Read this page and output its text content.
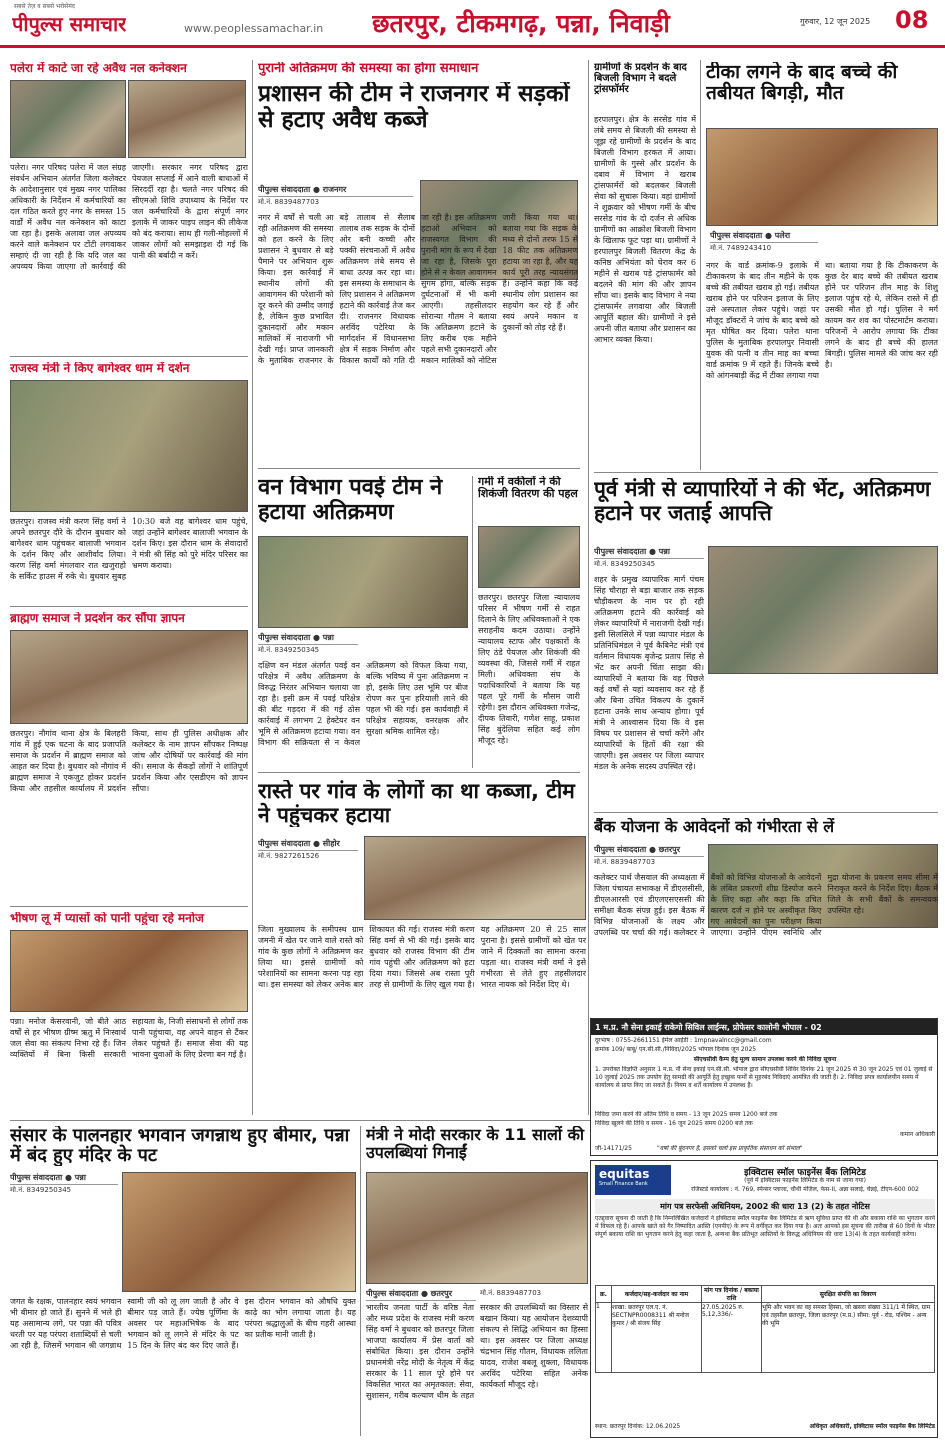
सबसे तेज़ व सबसे भरोसेमंद
पीपुल्स समाचार	www.peoplessamachar.in छतरपुर, टीकमगढ़, पन्ना, निवाड़ी	गुरुवार, 12 जून 2025 08
पलेरा में काटे जा रहे अवैध नल कनेक्शन
पलेरा। नगर परिषद पलेरा में जल संग्रह संवर्धन अभियान अंतर्गत जिला कलेक्टर के आदेशानुसार एवं मुख्य नगर पालिका अधिकारी के निर्देशन में कर्मचारियों का दल गठित करते हुए नगर के समस्त 15 वार्डों में अवैध नल कनेक्शन को काटा जा रहा है। इसके अलावा जल अपव्यय करने वाले कनेक्शन पर टोंटी लगवाकर सम्हाएं दी जा रही है कि यदि जल का अपव्यय किया जाएगा तो कार्रवाई की जाएगी। सरकार नगर परिषद द्वारा पेयजल सप्लाई में आने वाली बाधाओं में सिरदर्दी रहा है। चलते नगर परिषद की सीएमओ शिवि उपाध्याय के निर्देश पर जल कर्मचारियों के द्वारा संपूर्ण नगर इलाके में जाकर पाइप लाइन की लीकेज को बंद कराया। साथ ही गली-मोहल्लों में जाकर लोगों को समझाइश दी गई कि पानी की बर्बादी न करें।
राजस्व मंत्री ने किए बागेश्वर धाम में दर्शन
छतरपुर। राजस्व मंत्री करण सिंह वर्मा ने अपने छतरपुर दौरे के दौरान बुधवार को बागेश्वर धाम पहुंचकर बालाजी भगवान के दर्शन किए और आशीर्वाद लिया। करण सिंह वर्मा मंगलवार रात खजुराहो के सर्किट हाउस में रुके थे। बुधवार सुबह 10:30 बजे वह बागेश्वर धाम पहुंचे, जहां उन्होंने बागेश्वर बालाजी भगवान के दर्शन किए। इस दौरान धाम के सेवादारों ने मंत्री श्री सिंह को पुरे मंदिर परिसर का भ्रमण कराया।
ब्राह्मण समाज ने प्रदर्शन कर सौंपा ज्ञापन
छतरपुर। नौगांव थाना क्षेत्र के बिलहरी गांव में हुई एक घटना के बाद प्रजापति समाज के प्रदर्शन में ब्राह्मण समाज को आहत कर दिया है। बुधवार को नौगांव में ब्राह्मण समाज ने एकजुट होकर प्रदर्शन किया और तहसील कार्यालय में प्रदर्शन किया, साथ ही पुलिस अधीक्षक और कलेक्टर के नाम ज्ञापन सौंपकर निष्पक्ष जांच और दोषियों पर कार्रवाई की मांग की। समाज के सैकड़ों लोगों ने शांतिपूर्ण प्रदर्शन किया और एसडीएम को ज्ञापन सौंपा।
भीषण लू में प्यासों को पानी पहुंचा रहे मनोज
पन्ना। मनोज केसरवानी, जो बीते आठ वर्षों से हर भीषण ग्रीष्म ऋतु में निःस्वार्थ जल सेवा का संकल्प निभा रहे हैं। जिन व्यक्तियों में बिना किसी सरकारी सहायता के, निजी संसाधनों से लोगों तक पानी पहुंचाया, वह अपने वाहन से टैंकर लेकर पहुंचते हैं। समाज सेवा की यह भावना युवाओं के लिए प्रेरणा बन गई है।
पुरानी अतिक्रमण की समस्या का होगा समाधान
प्रशासन की टीम ने राजनगर में सड़कों से हटाए अवैध कब्जे
पीपुल्स संवाददाता ● राजनगर
मो.नं. 8839487703
नगर में वर्षों से चली आ रही अतिक्रमण की समस्या को हल करने के लिए प्रशासन ने बुधवार से बड़े पैमाने पर अभियान शुरू किया। इस कार्रवाई में स्थानीय लोगों की आवागमन की परेशानी को दूर करने की उम्मीद जगाई है, लेकिन कुछ प्रभावित दुकानदारों और मकान मालिकों में नाराजगी भी देखी गई। प्राप्त जानकारी के मुताबिक राजनगर के बड़े तालाब से सैलाब तालाब तक सड़क के दोनों ओर बनी कच्ची और पक्की संरचनाओं में अवैध अतिक्रमण लंबे समय से बाधा उत्पन्न कर रहा था। इस समस्या के समाधान के लिए प्रशासन ने अतिक्रमण हटाने की कार्रवाई तेज कर दी। राजनगर विधायक अरविंद पटेरिया के मार्गदर्शन में विधानसभा क्षेत्र में सड़क निर्माण और विकास कार्यों को गति दी जा रही है। इस अतिक्रमण हटाओ अभियान को राजस्वगत विभाग की पुरानी मांग के रूप में देखा जा रहा है, जिसके पूरा होने से न केवल आवागमन सुगम होगा, बल्कि सड़क दुर्घटनाओं में भी कमी आएगी। तहसीलदार सोरान्या गौतम ने बताया कि अतिक्रमण हटाने के लिए करीब एक महीने पहले सभी दुकानदारों और मकान मालिकों को नोटिस जारी किया गया था। बताया गया कि सड़क के मध्य से दोनों तरफ 15 से 18 फीट तक अतिक्रमण हटाया जा रहा है, और यह कार्य पूरी तरह न्यायसंगत है। उन्होंने कहा कि कई स्थानीय लोग प्रशासन का सहयोग कर रहे हैं और स्वयं अपने मकान व दुकानों को तोड़ रहे हैं।
वन विभाग पवई टीम ने हटाया अतिक्रमण
पीपुल्स संवाददाता ● पन्ना
मो.नं. 8349250345
दक्षिण वन मंडल अंतर्गत पवई वन परिक्षेत्र में अवैध अतिक्रमण के विरुद्ध निरंतर अभियान चलाया जा रहा है। इसी क्रम में पवई परिक्षेत्र की बीट गड़दरा में की गई ठोस कार्रवाई में लगभग 2 हेक्टेयर वन भूमि से अतिक्रमण हटाया गया। वन विभाग की सक्रियता से न केवल अतिक्रमण को विफल किया गया, बल्कि भविष्य में पुनः अतिक्रमण न हो, इसके लिए उस भूमि पर बीज रोपण कर पुनः हरियाली लाने की पहल भी की गई। इस कार्यवाही में परिक्षेत्र सहायक, वनरक्षक और सुरक्षा श्रमिक शामिल रहे।
गर्मी में वकीलों ने की शिकंजी वितरण की पहल
छतरपुर। छतरपुर जिला न्यायालय परिसर में भीषण गर्मी से राहत दिलाने के लिए अधिवक्ताओं ने एक सराहनीय कदम उठाया। उन्होंने न्यायालय स्टाफ और पक्षकारों के लिए ठंडे पेयजल और शिकंजी की व्यवस्था की, जिससे गर्मी में राहत मिली। अधिवक्ता संघ के पदाधिकारियों ने बताया कि यह पहल पूरे गर्मी के मौसम जारी रहेगी। इस दौरान अधिवक्ता गजेन्द्र, दीपक तिवारी, गणेश साहू, प्रकाश सिंह बुंदेलिया सहित कई लोग मौजूद रहे।
रास्ते पर गांव के लोगों का था कब्जा, टीम ने पहुंचकर हटाया
पीपुल्स संवाददाता ● सीहोर
मो.नं. 9827261526
जिला मुख्यालय के समीपस्थ ग्राम जमनी में खेत पर जाने वाले रास्ते को गांव के कुछ लोगों ने अतिक्रमण कर लिया था। इससे ग्रामीणों को परेशानियों का सामना करना पड़ रहा था। इस समस्या को लेकर अनेक बार शिकायत की गई। राजस्व मंत्री करण सिंह वर्मा से भी की गई। इसके बाद बुधवार को राजस्व विभाग की टीम गांव पहुंची और अतिक्रमण को हटा दिया गया। जिससे अब रास्ता पूरी तरह से ग्रामीणों के लिए खुल गया है। यह अतिक्रमण 20 से 25 साल पुराना है। इससे ग्रामीणों को खेत पर जाने में दिक्कतों का सामना करना पड़ता था। राजस्व मंत्री वर्मा ने इसे गंभीरता से लेते हुए तहसीलदार भारत नायक को निर्देश दिए थे।
ग्रामीणों के प्रदर्शन के बाद बिजली विभाग ने बदले ट्रांसफॉर्मर
हरपालपुर। क्षेत्र के सरसेड गांव में लंबे समय से बिजली की समस्या से जूझ रहे ग्रामीणों के प्रदर्शन के बाद बिजली विभाग हरकत में आया। ग्रामीणों के गुस्से और प्रदर्शन के दबाव में विभाग ने खराब ट्रांसफार्मरों को बदलकर बिजली सेवा को सुचारू किया। वहां ग्रामीणों ने शुक्रवार को भीषण गर्मी के बीच सरसेड गांव के दो दर्जन से अधिक ग्रामीणों का आक्रोश बिजली विभाग के खिलाफ फूट पड़ा था। ग्रामीणों ने हरपालपुर बिजली वितरण केंद्र के कनिष्ठ अभियंता को घेराव कर 6 महीने से खराब पड़े ट्रांसफार्मर को बदलने की मांग की और ज्ञापन सौंपा था। इसके बाद विभाग ने नया ट्रांसफार्मर लगवाया और बिजली आपूर्ति बहाल की। ग्रामीणों ने इसे अपनी जीत बताया और प्रशासन का आभार व्यक्त किया।
टीका लगने के बाद बच्चे की तबीयत बिगड़ी, मौत
पीपुल्स संवाददाता ● पलेरा
मो.नं. 7489243410
नगर के वार्ड क्रमांक-9 इलाके में टीकाकरण के बाद तीन महीने के एक बच्चे की तबीयत खराब हो गई। तबीयत खराब होने पर परिजन इलाज के लिए उसे अस्पताल लेकर पहुंचे। जहां पर मौजूद डॉक्टरों ने जांच के बाद बच्चे को मृत घोषित कर दिया। पलेरा थाना पुलिस के मुताबिक हरपालपुर निवासी युवक की पत्नी व तीन माह का बच्चा वार्ड क्रमांक 9 में रहते हैं। जिनके बच्चे को आंगनबाड़ी केंद्र में टीका लगाया गया था। बताया गया है कि टीकाकरण के कुछ देर बाद बच्चे की तबीयत खराब होने पर परिजन तीन माह के शिशु इलाज पहुंच रहे थे, लेकिन रास्ते में ही उसकी मौत हो गई। पुलिस ने मर्ग कायम कर शव का पोस्टमार्टम कराया। परिजनों ने आरोप लगाया कि टीका लगने के बाद ही बच्चे की हालत बिगड़ी। पुलिस मामले की जांच कर रही है।
पूर्व मंत्री से व्यापारियों ने की भेंट, अतिक्रमण हटाने पर जताई आपत्ति
पीपुल्स संवाददाता ● पन्ना
मो.नं. 8349250345
शहर के प्रमुख व्यापारिक मार्ग पंचम सिंह चौराहा से बड़ा बाजार तक सड़क चौड़ीकरण के नाम पर हो रही अतिक्रमण हटाने की कार्रवाई को लेकर व्यापारियों में नाराजगी देखी गई। इसी सिलसिले में पन्ना व्यापार मंडल के प्रतिनिधिमंडल ने पूर्व कैबिनेट मंत्री एवं वर्तमान विधायक बृजेन्द्र प्रताप सिंह से भेंट कर अपनी चिंता साझा की। व्यापारियों ने बताया कि वह पिछले कई वर्षों से यहां व्यवसाय कर रहे हैं और बिना उचित विकल्प के दुकानें हटाना उनके साथ अन्याय होगा। पूर्व मंत्री ने आश्वासन दिया कि वे इस विषय पर प्रशासन से चर्चा करेंगे और व्यापारियों के हितों की रक्षा की जाएगी। इस अवसर पर जिला व्यापार मंडल के अनेक सदस्य उपस्थित रहे।
बैंक योजना के आवेदनों को गंभीरता से लें
पीपुल्स संवाददाता ● छतरपुर
मो.नं. 8839487703
कलेक्टर पार्थ जैसवाल की अध्यक्षता में जिला पंचायत सभाकक्ष में डीएलसीसी, डीएलआरसी एवं डीएलएसएससी की समीक्षा बैठक संपन्न हुई। इस बैठक में विभिन्न योजनाओं के लक्ष्य और उपलब्धि पर चर्चा की गई। कलेक्टर ने बैंकों को विभिन्न योजनाओं के आवेदनों के लंबित प्रकरणों शीघ्र डिस्पोज करने के लिए कहा और कहा कि उचित कारण दर्ज न होने पर अस्वीकृत किए गए आवेदनों का पुनः परीक्षण किया जाएगा। उन्होंने पीएम स्वनिधि और मुद्रा योजना के प्रकरण समय सीमा में निराकृत करने के निर्देश दिए। बैठक में जिले के सभी बैंकों के समन्वयक उपस्थित रहे।
1 म.प्र. नौ सेना इकाई राकेगो सिविल लाईन्स, प्रोफेसर कालोनी भोपाल - 02
दूरभाष : 0755-2661151 ईमेल आईडी : 1mpnavalncc@gmail.com
क्रमांक 109/ बाबू/ एन.सी.सी./निविदा/2025 भोपाल दिनांक जून 2025
सीएचसीवी कैम्प हेतु मूल्य सामान उपलब्ध करने की निविदा सूचना
1. उपरोक्त विज्ञप्ति अनुसार 1 म.प्र. नौ सेना इकाई एन.सी.सी. भोपाल द्वारा सीएचसीवी शिविर दिनांक 21 जून 2025 से 30 जून 2025 एवं 01 जुलाई से 10 जुलाई 2025 तक उपयोग हेतु सामग्री की आपूर्ति हेतु इच्छुक फर्मों से मुहरबंद निविदाएं आमंत्रित की जाती हैं। 2. निविदा प्रपत्र कार्यालयीन समय में कार्यालय से प्राप्त किए जा सकते हैं। नियम व शर्तें कार्यालय में उपलब्ध हैं।
निविदा जमा करने की अंतिम तिथि व समय - 13 जून 2025 समय 1200 बजे तक
निविदा खुलने की तिथि व समय - 16 जून 2025 समय 0200 बजे तक
कमान अधिकारी
जी-14171/25	"वर्षा की बूंदनगर है, इसको चलो इस प्राकृतिक संसाधन को संभाल"
संसार के पालनहार भगवान जगन्नाथ हुए बीमार, पन्ना में बंद हुए मंदिर के पट
पीपुल्स संवाददाता ● पन्ना
मो.नं. 8349250345
जगत के रक्षक, पालनहार स्वयं भगवान भी बीमार हो जाते हैं। सुनने में भले ही यह असामान्य लगे, पर पन्ना की पवित्र धरती पर यह परंपरा शताब्दियों से चली आ रही है, जिसमें भगवान श्री जगन्नाथ स्वामी जी को लू लग जाती है और वे बीमार पड़ जाते हैं। ज्येष्ठ पूर्णिमा के अवसर पर महाअभिषेक के बाद भगवान को लू लगने से मंदिर के पट 15 दिन के लिए बंद कर दिए जाते हैं। इस दौरान भगवान को औषधि युक्त काढ़े का भोग लगाया जाता है। यह परंपरा श्रद्धालुओं के बीच गहरी आस्था का प्रतीक मानी जाती है।
मंत्री ने मोदी सरकार के 11 सालों की उपलब्धियां गिनाईं
पीपुल्स संवाददाता ● छतरपुर	मो.नं. 8839487703
भारतीय जनता पार्टी के वरिष्ठ नेता और मध्य प्रदेश के राजस्व मंत्री करण सिंह वर्मा ने बुधवार को छतरपुर जिला भाजपा कार्यालय में प्रेस वार्ता को संबोधित किया। इस दौरान उन्होंने प्रधानमंत्री नरेंद्र मोदी के नेतृत्व में केंद्र सरकार के 11 साल पूरे होने पर विकसित भारत का अमृतकाल: सेवा, सुशासन, गरीब कल्याण थीम के तहत सरकार की उपलब्धियों का विस्तार से बखान किया। यह आयोजन देशव्यापी संकल्प से सिद्धि अभियान का हिस्सा था। इस अवसर पर जिला अध्यक्ष चंद्रभान सिंह गौतम, विधायक ललिता यादव, राजेश बबलू शुक्ला, विधायक अरविंद पटेरिया सहित अनेक कार्यकर्ता मौजूद रहे।
equitas
Small Finance Bank
इक्विटास स्मॉल फाइनेंस बैंक लिमिटेड
(पूर्व में इक्विटास फाइनेंस लिमिटेड के नाम से जाना गया)
रजिस्टर्ड कार्यालय : नं. 769, स्पेन्सर प्लाजा, चौथी मंजिल, फेस-II, अन्ना सलाई, चेन्नई, टीएन-600 002
मांग पत्र सरफेसी अधिनियम, 2002 की धारा 13 (2) के तहत नोटिस
एतद्द्वारा सूचना दी जाती है कि निम्नलिखित कर्जदारों ने इक्विटास स्मॉल फाइनेंस बैंक लिमिटेड से ऋण सुविधा प्राप्त की थी और बकाया राशि का भुगतान करने में विफल रहे हैं। आपके खाते को गैर निष्पादित आस्ति (एनपीए) के रूप में वर्गीकृत कर दिया गया है। अतः आपको इस सूचना की तारीख से 60 दिनों के भीतर संपूर्ण बकाया राशि का भुगतान करने हेतु कहा जाता है, अन्यथा बैंक प्रतिभूत आस्तियों के विरुद्ध अधिनियम की धारा 13(4) के तहत कार्यवाही करेगा।
क्र.	कर्जदार/सह-कर्जदार का नाम	मांग पत्र दिनांक / बकाया राशि	सुरक्षित संपत्ति का विवरण
1	शाखा: छतरपुर एल.ए. नं. SECTNPR0008311 श्री मनोज कुमार / श्री संजय सिंह	27.05.2025 रु. 5,12,336/-	भूमि और भवन का वह समस्त हिस्सा, जो खसरा संख्या 311/1 में स्थित, ग्राम एवं तहसील छतरपुर, जिला छतरपुर (म.प्र.) सीमा: पूर्व - रोड, पश्चिम - अन्य की भूमि
स्थान: छतरपुर दिनांक: 12.06.2025	अधिकृत अधिकारी, इक्विटास स्मॉल फाइनेंस बैंक लिमिटेड
